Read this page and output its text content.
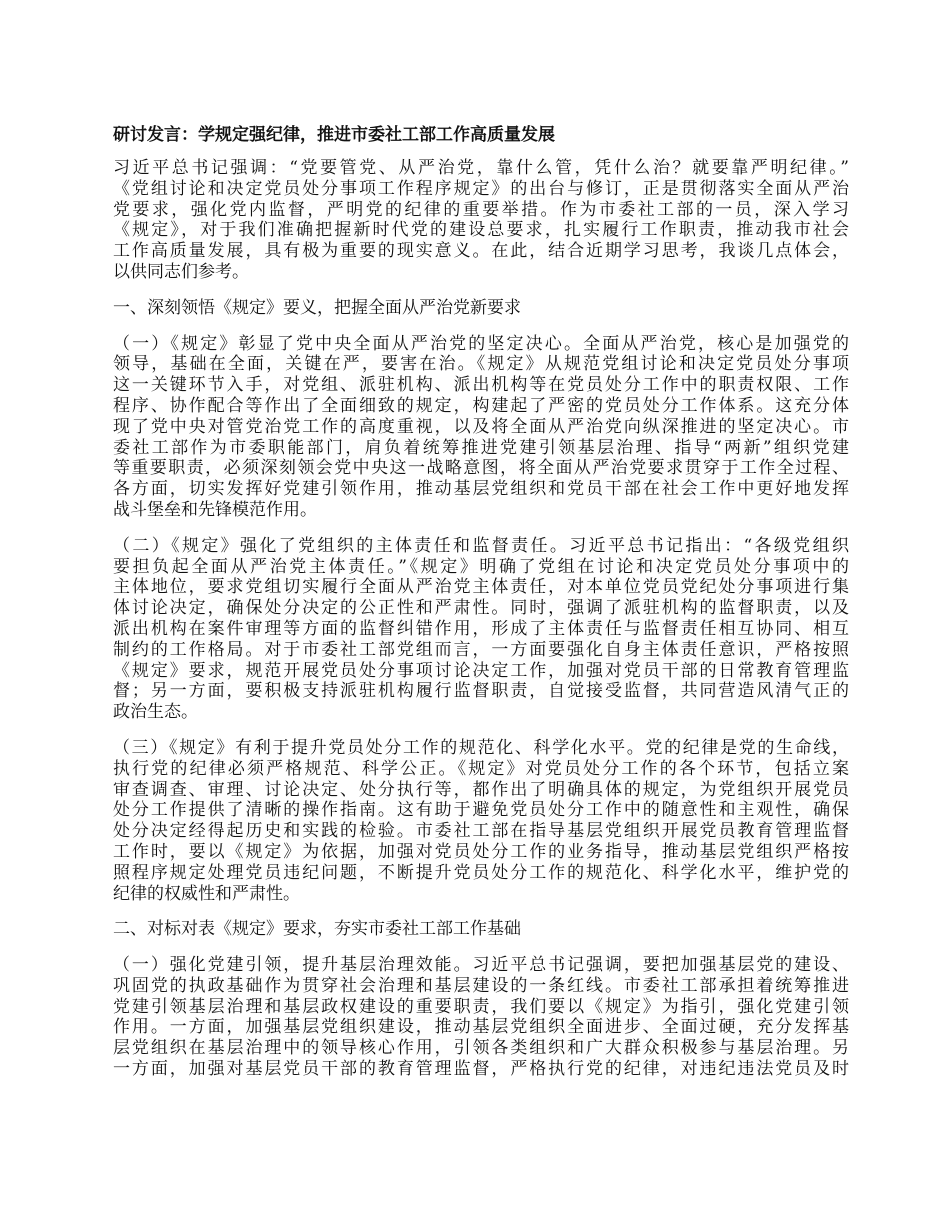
研讨发言：学规定强纪律，推进市委社工部工作高质量发展
习近平总书记强调：“党要管党、从严治党，靠什么管，凭什么治？就要靠严明纪律。”
《党组讨论和决定党员处分事项工作程序规定》的出台与修订，正是贯彻落实全面从严治
党要求，强化党内监督，严明党的纪律的重要举措。作为市委社工部的一员，深入学习
《规定》，对于我们准确把握新时代党的建设总要求，扎实履行工作职责，推动我市社会
工作高质量发展，具有极为重要的现实意义。在此，结合近期学习思考，我谈几点体会，
以供同志们参考。
一、深刻领悟《规定》要义，把握全面从严治党新要求
（一）《规定》彰显了党中央全面从严治党的坚定决心。全面从严治党，核心是加强党的
领导，基础在全面，关键在严，要害在治。《规定》从规范党组讨论和决定党员处分事项
这一关键环节入手，对党组、派驻机构、派出机构等在党员处分工作中的职责权限、工作
程序、协作配合等作出了全面细致的规定，构建起了严密的党员处分工作体系。这充分体
现了党中央对管党治党工作的高度重视，以及将全面从严治党向纵深推进的坚定决心。市
委社工部作为市委职能部门，肩负着统筹推进党建引领基层治理、指导“两新”组织党建
等重要职责，必须深刻领会党中央这一战略意图，将全面从严治党要求贯穿于工作全过程、
各方面，切实发挥好党建引领作用，推动基层党组织和党员干部在社会工作中更好地发挥
战斗堡垒和先锋模范作用。
（二）《规定》强化了党组织的主体责任和监督责任。习近平总书记指出：“各级党组织
要担负起全面从严治党主体责任。”《规定》明确了党组在讨论和决定党员处分事项中的
主体地位，要求党组切实履行全面从严治党主体责任，对本单位党员党纪处分事项进行集
体讨论决定，确保处分决定的公正性和严肃性。同时，强调了派驻机构的监督职责，以及
派出机构在案件审理等方面的监督纠错作用，形成了主体责任与监督责任相互协同、相互
制约的工作格局。对于市委社工部党组而言，一方面要强化自身主体责任意识，严格按照
《规定》要求，规范开展党员处分事项讨论决定工作，加强对党员干部的日常教育管理监
督；另一方面，要积极支持派驻机构履行监督职责，自觉接受监督，共同营造风清气正的
政治生态。
（三）《规定》有利于提升党员处分工作的规范化、科学化水平。党的纪律是党的生命线，
执行党的纪律必须严格规范、科学公正。《规定》对党员处分工作的各个环节，包括立案
审查调查、审理、讨论决定、处分执行等，都作出了明确具体的规定，为党组织开展党员
处分工作提供了清晰的操作指南。这有助于避免党员处分工作中的随意性和主观性，确保
处分决定经得起历史和实践的检验。市委社工部在指导基层党组织开展党员教育管理监督
工作时，要以《规定》为依据，加强对党员处分工作的业务指导，推动基层党组织严格按
照程序规定处理党员违纪问题，不断提升党员处分工作的规范化、科学化水平，维护党的
纪律的权威性和严肃性。
二、对标对表《规定》要求，夯实市委社工部工作基础
（一）强化党建引领，提升基层治理效能。习近平总书记强调，要把加强基层党的建设、
巩固党的执政基础作为贯穿社会治理和基层建设的一条红线。市委社工部承担着统筹推进
党建引领基层治理和基层政权建设的重要职责，我们要以《规定》为指引，强化党建引领
作用。一方面，加强基层党组织建设，推动基层党组织全面进步、全面过硬，充分发挥基
层党组织在基层治理中的领导核心作用，引领各类组织和广大群众积极参与基层治理。另
一方面，加强对基层党员干部的教育管理监督，严格执行党的纪律，对违纪违法党员及时
